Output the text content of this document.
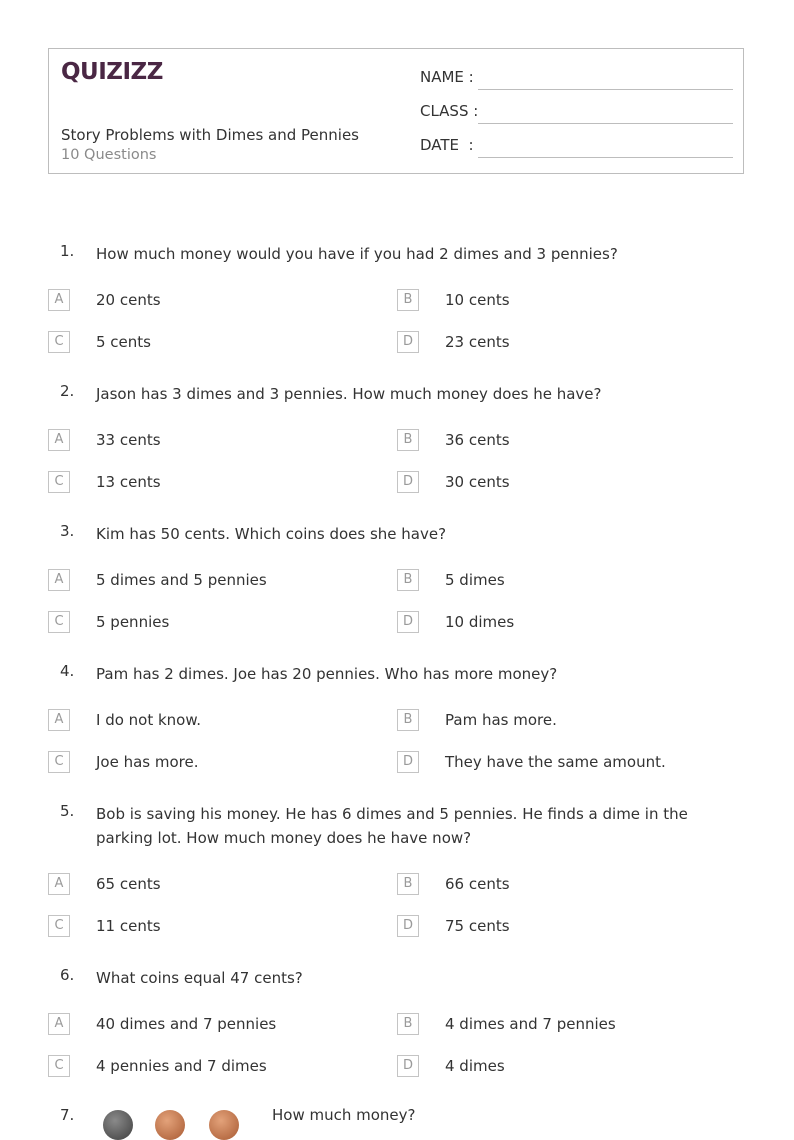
QUIZIZZ
Story Problems with Dimes and Pennies
10 Questions
NAME :
CLASS :
DATE  :
1. How much money would you have if you had 2 dimes and 3 pennies?
A	20 cents	B	10 cents
C	5 cents	D	23 cents
2. Jason has 3 dimes and 3 pennies. How much money does he have?
A	33 cents	B	36 cents
C	13 cents	D	30 cents
3. Kim has 50 cents. Which coins does she have?
A	5 dimes and 5 pennies	B	5 dimes
C	5 pennies	D	10 dimes
4. Pam has 2 dimes. Joe has 20 pennies. Who has more money?
A	I do not know.	B	Pam has more.
C	Joe has more.	D	They have the same amount.
5. Bob is saving his money. He has 6 dimes and 5 pennies. He finds a dime in the parking lot. How much money does he have now?
A	65 cents	B	66 cents
C	11 cents	D	75 cents
6. What coins equal 47 cents?
A	40 dimes and 7 pennies	B	4 dimes and 7 pennies
C	4 pennies and 7 dimes	D	4 dimes
7.	How much money?
